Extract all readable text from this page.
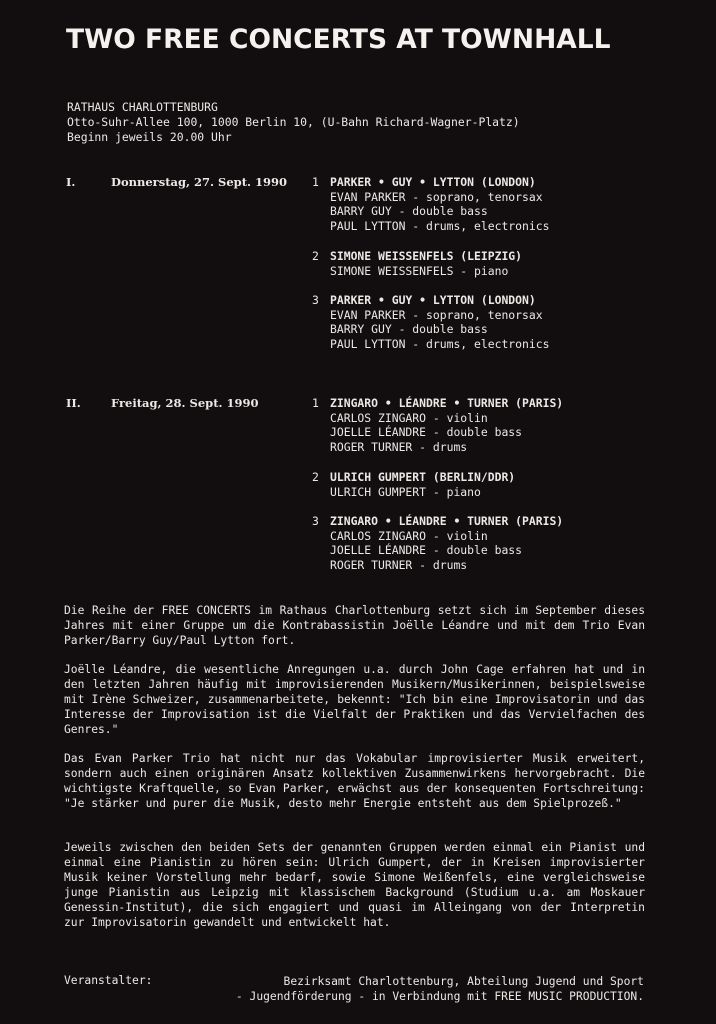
TWO FREE CONCERTS AT TOWNHALL
RATHAUS CHARLOTTENBURG
Otto-Suhr-Allee 100, 1000 Berlin 10, (U-Bahn Richard-Wagner-Platz)
Beginn jeweils 20.00 Uhr
I.	Donnerstag, 27. Sept. 1990 1 PARKER • GUY • LYTTON (LONDON)
EVAN PARKER - soprano, tenorsax
BARRY GUY - double bass
PAUL LYTTON - drums, electronics
2 SIMONE WEISSENFELS (LEIPZIG)
SIMONE WEISSENFELS - piano
3 PARKER • GUY • LYTTON (LONDON)
EVAN PARKER - soprano, tenorsax
BARRY GUY - double bass
PAUL LYTTON - drums, electronics
II.	Freitag, 28. Sept. 1990	1 ZINGARO • LÉANDRE • TURNER (PARIS)
CARLOS ZINGARO - violin
JOELLE LÉANDRE - double bass
ROGER TURNER - drums
2 ULRICH GUMPERT (BERLIN/DDR)
ULRICH GUMPERT - piano
3 ZINGARO • LÉANDRE • TURNER (PARIS)
CARLOS ZINGARO - violin
JOELLE LÉANDRE - double bass
ROGER TURNER - drums

Die Reihe der FREE CONCERTS im Rathaus Charlottenburg setzt sich im September dieses Jahres mit einer Gruppe um die Kontrabassistin Joëlle Léandre und mit dem Trio Evan Parker/Barry Guy/Paul Lytton fort.

Joëlle Léandre, die wesentliche Anregungen u.a. durch John Cage erfahren hat und in den letzten Jahren häufig mit improvisierenden Musikern/Musikerinnen, beispielsweise mit Irène Schweizer, zusammenarbeitete, bekennt: "Ich bin eine Improvisatorin und das Interesse der Improvisation ist die Vielfalt der Praktiken und das Vervielfachen des Genres."

Das Evan Parker Trio hat nicht nur das Vokabular improvisierter Musik erweitert, sondern auch einen originären Ansatz kollektiven Zusammenwirkens hervorgebracht. Die wichtigste Kraftquelle, so Evan Parker, erwächst aus der konsequenten Fortschreitung: "Je stärker und purer die Musik, desto mehr Energie entsteht aus dem Spielprozeß."

Jeweils zwischen den beiden Sets der genannten Gruppen werden einmal ein Pianist und einmal eine Pianistin zu hören sein: Ulrich Gumpert, der in Kreisen improvisierter Musik keiner Vorstellung mehr bedarf, sowie Simone Weißenfels, eine vergleichsweise junge Pianistin aus Leipzig mit klassischem Background (Studium u.a. am Moskauer Genessin-Institut), die sich engagiert und quasi im Alleingang von der Interpretin zur Improvisatorin gewandelt und entwickelt hat.

Veranstalter:	Bezirksamt Charlottenburg, Abteilung Jugend und Sport
- Jugendförderung - in Verbindung mit FREE MUSIC PRODUCTION.
